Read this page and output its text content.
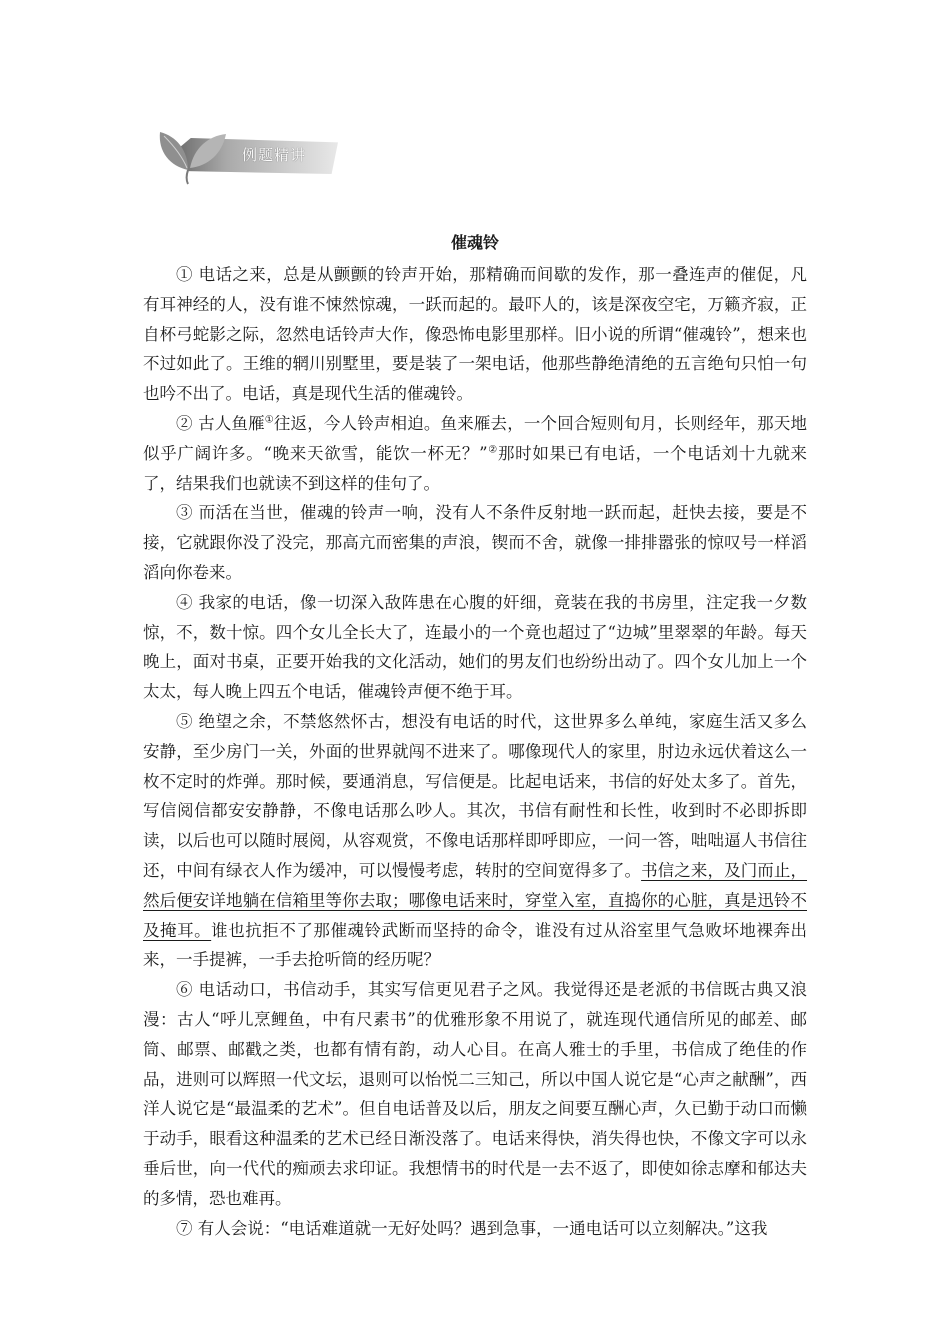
例题精讲
催魂铃

① 电话之来，总是从颤颤的铃声开始，那精确而间歇的发作，那一叠连声的催促，凡有耳神经的人，没有谁不悚然惊魂，一跃而起的。最吓人的，该是深夜空宅，万籁齐寂，正自杯弓蛇影之际，忽然电话铃声大作，像恐怖电影里那样。旧小说的所谓“催魂铃”，想来也不过如此了。王维的辋川别墅里，要是装了一架电话，他那些静绝清绝的五言绝句只怕一句也吟不出了。电话，真是现代生活的催魂铃。

② 古人鱼雁①往返，今人铃声相迫。鱼来雁去，一个回合短则旬月，长则经年，那天地似乎广阔许多。“晚来天欲雪，能饮一杯无？”②那时如果已有电话，一个电话刘十九就来了，结果我们也就读不到这样的佳句了。

③ 而活在当世，催魂的铃声一响，没有人不条件反射地一跃而起，赶快去接，要是不接，它就跟你没了没完，那高亢而密集的声浪，锲而不舍，就像一排排嚣张的惊叹号一样滔滔向你卷来。

④ 我家的电话，像一切深入敌阵患在心腹的奸细，竟装在我的书房里，注定我一夕数惊，不，数十惊。四个女儿全长大了，连最小的一个竟也超过了“边城”里翠翠的年龄。每天晚上，面对书桌，正要开始我的文化活动，她们的男友们也纷纷出动了。四个女儿加上一个太太，每人晚上四五个电话，催魂铃声便不绝于耳。

⑤ 绝望之余，不禁悠然怀古，想没有电话的时代，这世界多么单纯，家庭生活又多么安静，至少房门一关，外面的世界就闯不进来了。哪像现代人的家里，肘边永远伏着这么一枚不定时的炸弹。那时候，要通消息，写信便是。比起电话来，书信的好处太多了。首先，写信阅信都安安静静，不像电话那么吵人。其次，书信有耐性和长性，收到时不必即拆即读，以后也可以随时展阅，从容观赏，不像电话那样即呼即应，一问一答，咄咄逼人书信往还，中间有绿衣人作为缓冲，可以慢慢考虑，转肘的空间宽得多了。书信之来，及门而止，然后便安详地躺在信箱里等你去取；哪像电话来时，穿堂入室，直捣你的心脏，真是迅铃不及掩耳。谁也抗拒不了那催魂铃武断而坚持的命令，谁没有过从浴室里气急败坏地裸奔出来，一手提裤，一手去抢听筒的经历呢？

⑥ 电话动口，书信动手，其实写信更见君子之风。我觉得还是老派的书信既古典又浪漫：古人“呼儿烹鲤鱼，中有尺素书”的优雅形象不用说了，就连现代通信所见的邮差、邮筒、邮票、邮戳之类，也都有情有韵，动人心目。在高人雅士的手里，书信成了绝佳的作品，进则可以辉照一代文坛，退则可以怡悦二三知己，所以中国人说它是“心声之献酬”，西洋人说它是“最温柔的艺术”。但自电话普及以后，朋友之间要互酬心声，久已勤于动口而懒于动手，眼看这种温柔的艺术已经日渐没落了。电话来得快，消失得也快，不像文字可以永垂后世，向一代代的痴顽去求印证。我想情书的时代是一去不返了，即使如徐志摩和郁达夫的多情，恐也难再。

⑦ 有人会说：“电话难道就一无好处吗？遇到急事，一通电话可以立刻解决。”这我
